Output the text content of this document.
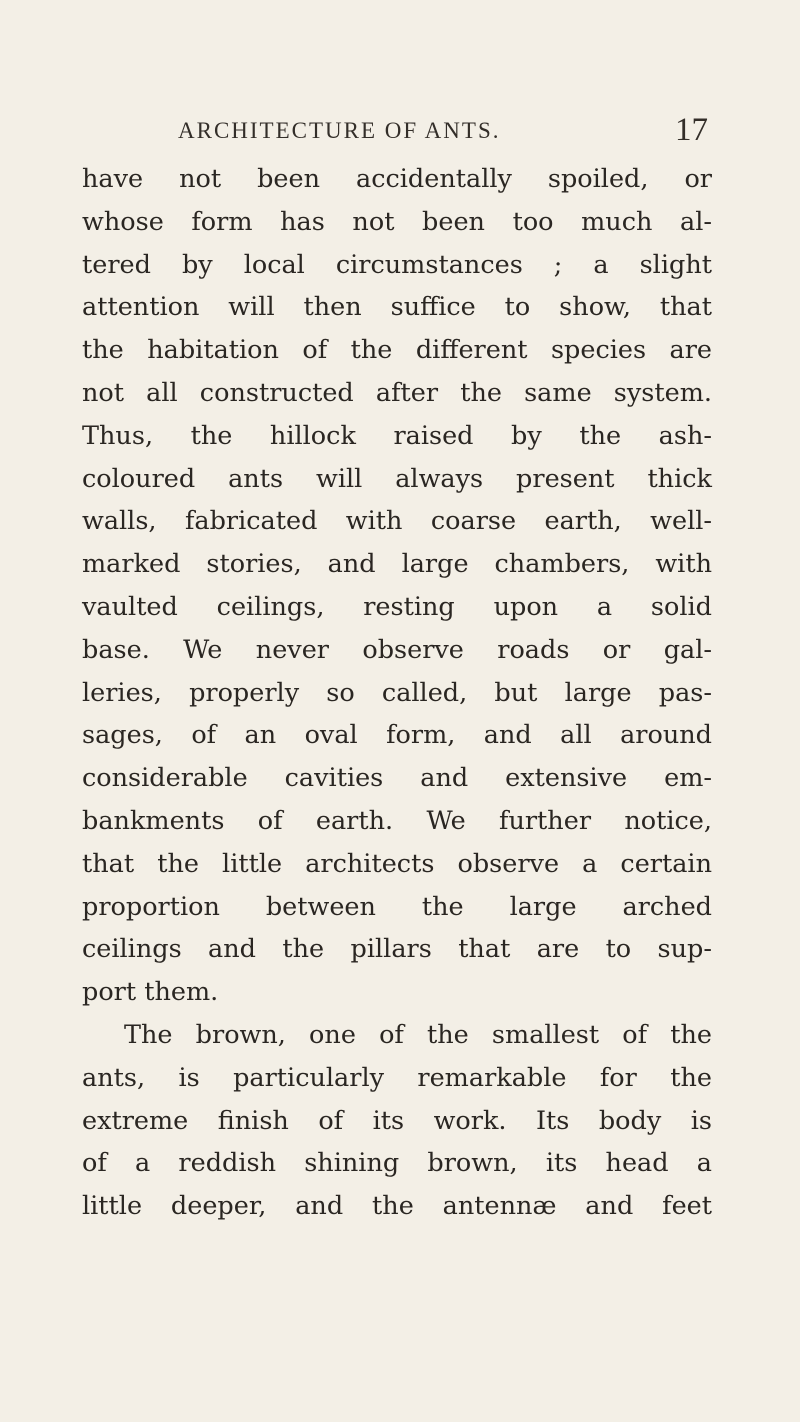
ARCHITECTURE OF ANTS.	17
have not been accidentally spoiled, or
whose form has not been too much al-
tered by local circumstances ; a slight
attention will then suffice to show, that
the habitation of the different species are
not all constructed after the same system.
Thus, the hillock raised by the ash-
coloured ants will always present thick
walls, fabricated with coarse earth, well-
marked stories, and large chambers, with
vaulted ceilings, resting upon a solid
base. We never observe roads or gal-
leries, properly so called, but large pas-
sages, of an oval form, and all around
considerable cavities and extensive em-
bankments of earth. We further notice,
that the little architects observe a certain
proportion between the large arched
ceilings and the pillars that are to sup-
port them.
The brown, one of the smallest of the
ants, is particularly remarkable for the
extreme finish of its work. Its body is
of a reddish shining brown, its head a
little deeper, and the antennæ and feet
